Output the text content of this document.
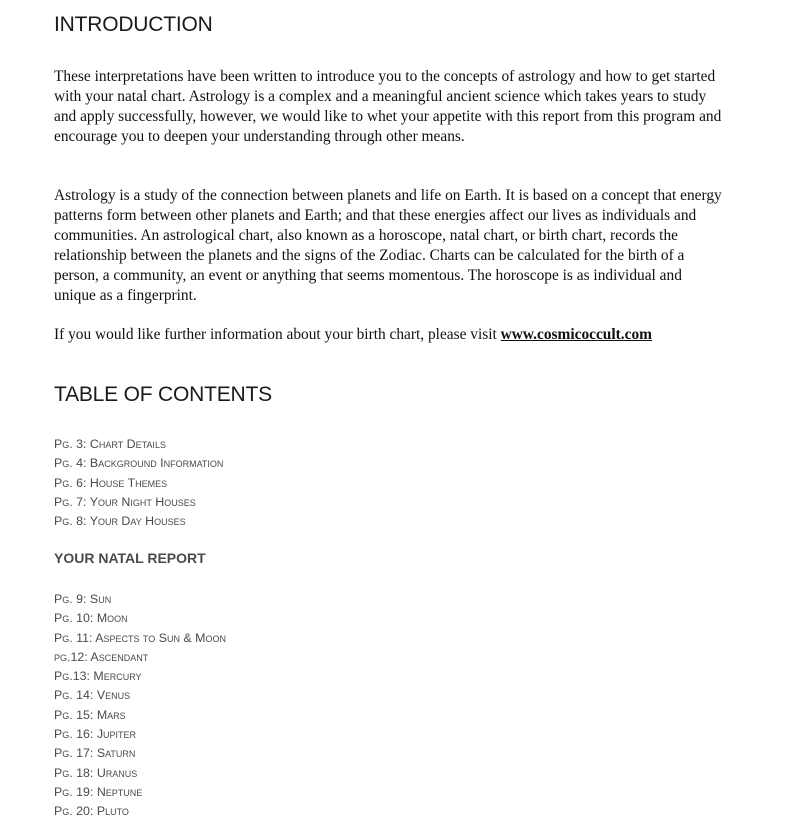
INTRODUCTION

These interpretations have been written to introduce you to the concepts of astrology and how to get started with your natal chart. Astrology is a complex and a meaningful ancient science which takes years to study and apply successfully, however, we would like to whet your appetite with this report from this program and encourage you to deepen your understanding through other means.

Astrology is a study of the connection between planets and life on Earth. It is based on a concept that energy patterns form between other planets and Earth; and that these energies affect our lives as individuals and communities. An astrological chart, also known as a horoscope, natal chart, or birth chart, records the relationship between the planets and the signs of the Zodiac. Charts can be calculated for the birth of a person, a community, an event or anything that seems momentous. The horoscope is as individual and unique as a fingerprint.

If you would like further information about your birth chart, please visit www.cosmicoccult.com

TABLE OF CONTENTS
Pg. 3: Chart Details
Pg. 4: Background Information
Pg. 6: House Themes
Pg. 7: Your Night Houses
Pg. 8: Your Day Houses
YOUR NATAL REPORT
Pg. 9: Sun
Pg. 10: Moon
Pg. 11: Aspects to Sun & Moon
pg.12: Ascendant
Pg.13: Mercury
Pg. 14: Venus
Pg. 15: Mars
Pg. 16: Jupiter
Pg. 17: Saturn
Pg. 18: Uranus
Pg. 19: Neptune
Pg. 20: Pluto
